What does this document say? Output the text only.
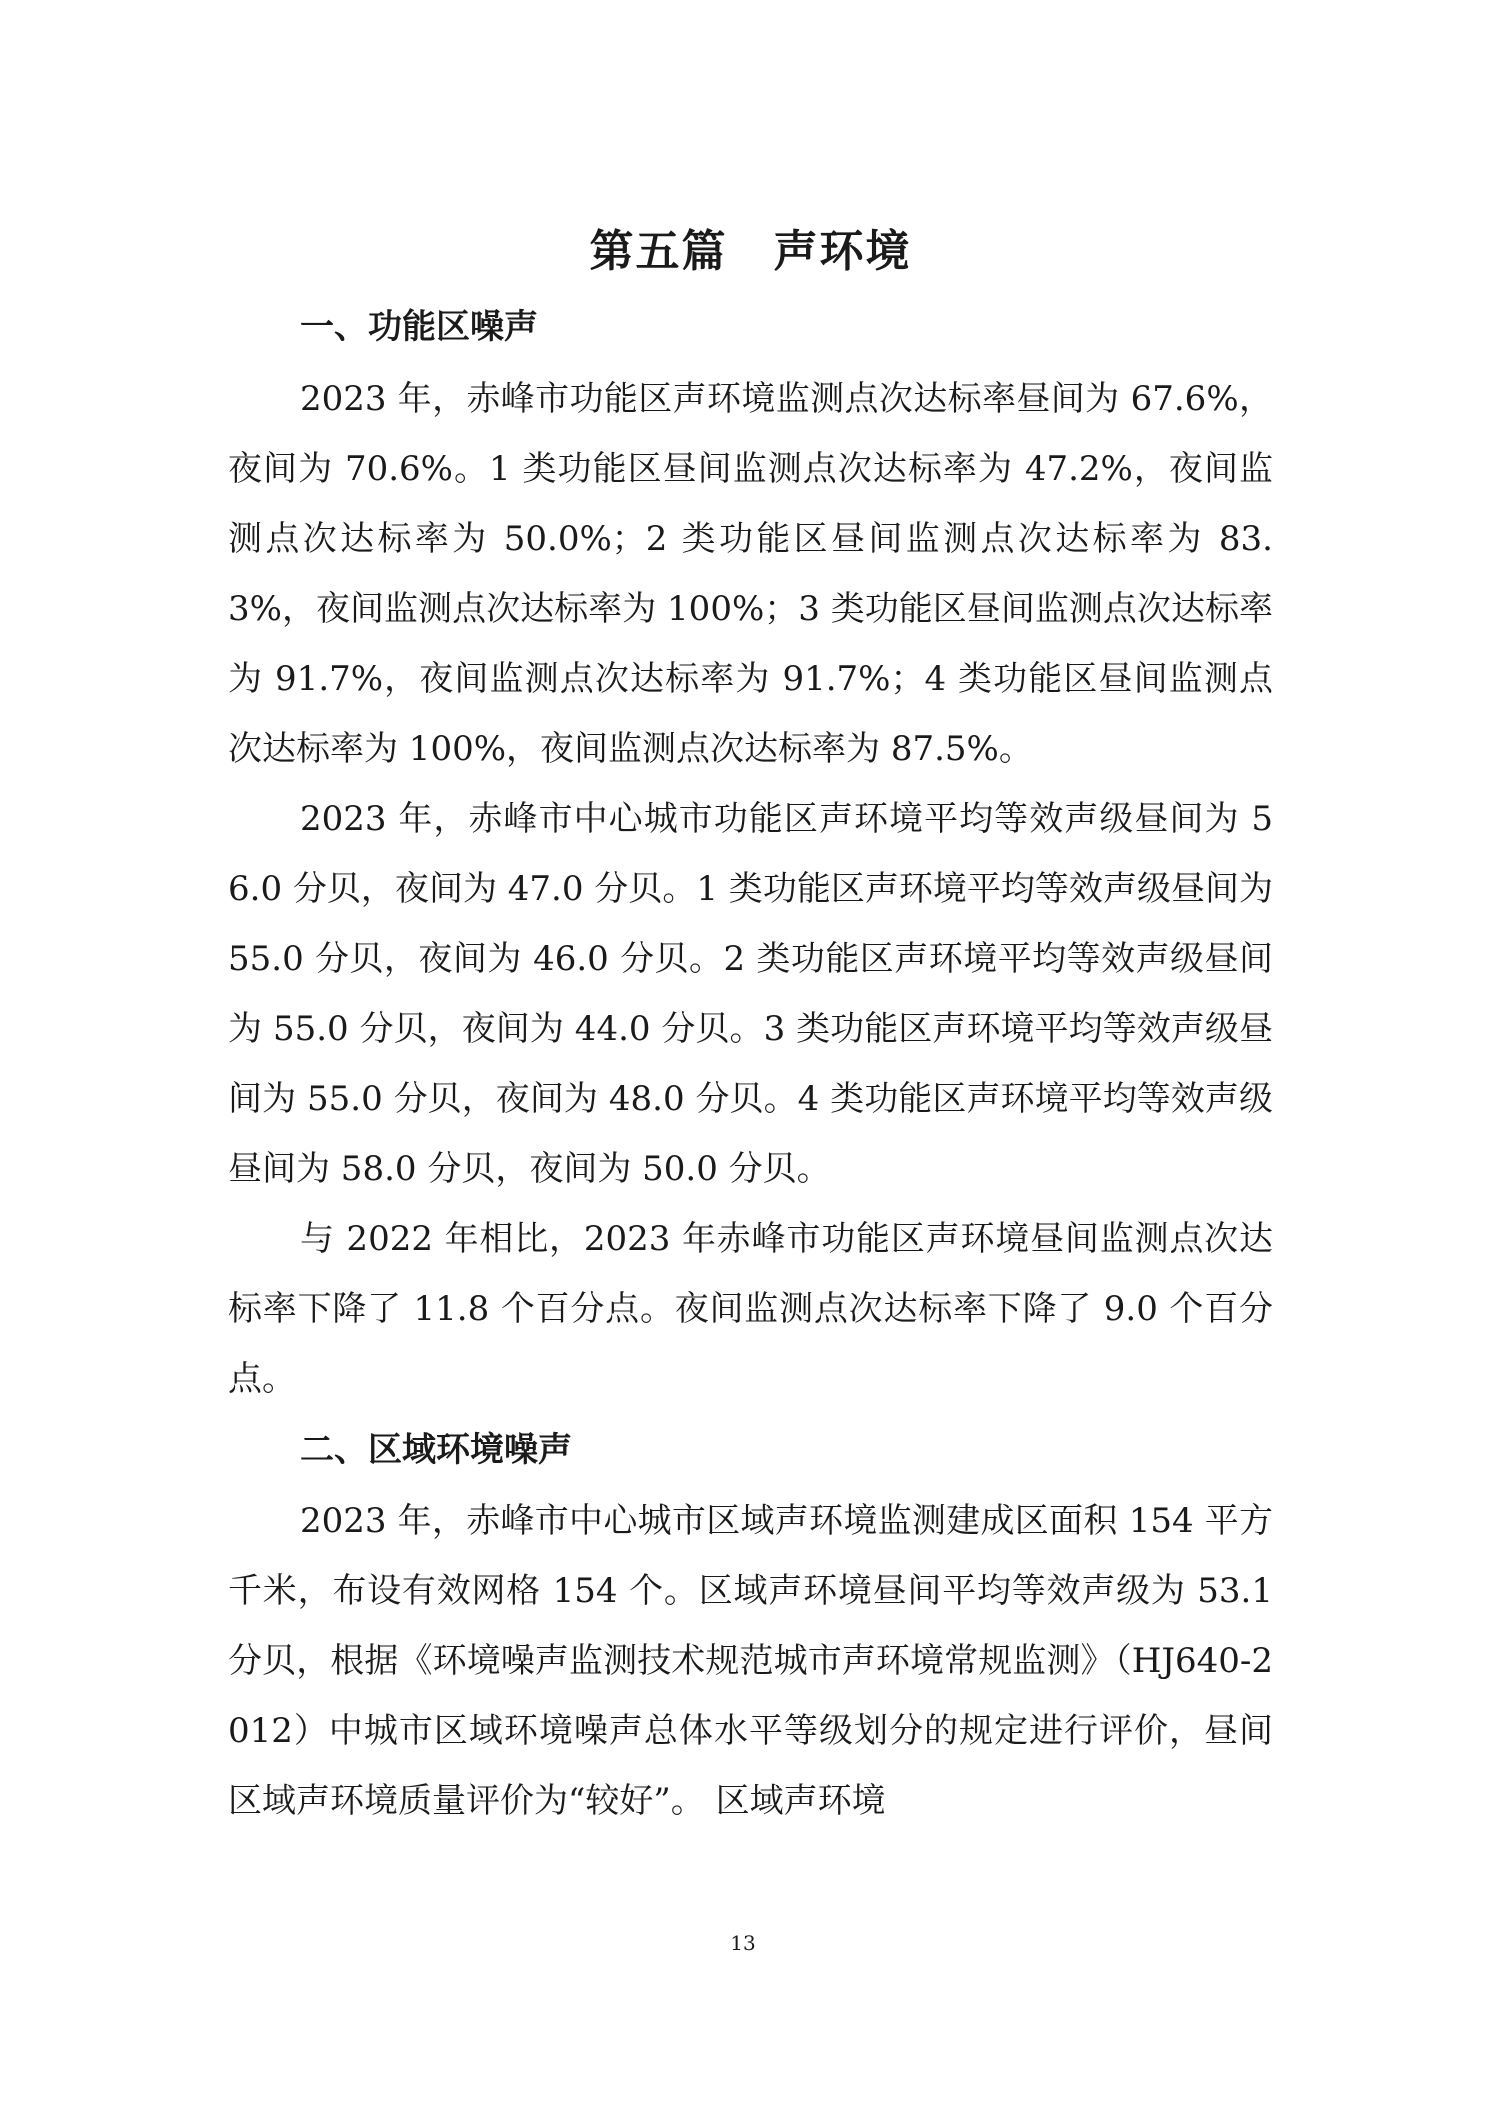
第五篇　声环境
一、功能区噪声

2023 年，赤峰市功能区声环境监测点次达标率昼间为 67.6%，夜间为 70.6%。1 类功能区昼间监测点次达标率为 47.2%，夜间监测点次达标率为 50.0%；2 类功能区昼间监测点次达标率为 83.3%，夜间监测点次达标率为 100%；3 类功能区昼间监测点次达标率为 91.7%，夜间监测点次达标率为 91.7%；4 类功能区昼间监测点次达标率为 100%，夜间监测点次达标率为 87.5%。

2023 年，赤峰市中心城市功能区声环境平均等效声级昼间为 56.0 分贝，夜间为 47.0 分贝。1 类功能区声环境平均等效声级昼间为 55.0 分贝，夜间为 46.0 分贝。2 类功能区声环境平均等效声级昼间为 55.0 分贝，夜间为 44.0 分贝。3 类功能区声环境平均等效声级昼间为 55.0 分贝，夜间为 48.0 分贝。4 类功能区声环境平均等效声级昼间为 58.0 分贝，夜间为 50.0 分贝。

与 2022 年相比，2023 年赤峰市功能区声环境昼间监测点次达标率下降了 11.8 个百分点。夜间监测点次达标率下降了 9.0 个百分点。

二、区域环境噪声

2023 年，赤峰市中心城市区域声环境监测建成区面积 154 平方千米，布设有效网格 154 个。区域声环境昼间平均等效声级为 53.1 分贝，根据《环境噪声监测技术规范城市声环境常规监测》（HJ640-2012）中城市区域环境噪声总体水平等级划分的规定进行评价，昼间区域声环境质量评价为“较好”。 区域声环境

13
